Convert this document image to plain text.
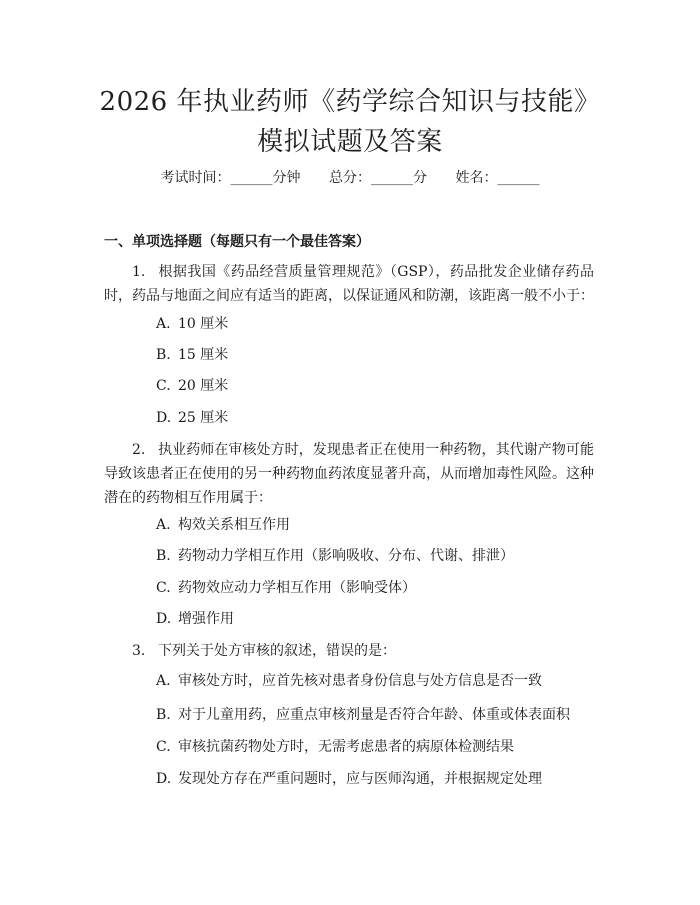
2026 年执业药师《药学综合知识与技能》模拟试题及答案
考试时间：______分钟 总分：______分 姓名：______
一、单项选择题（每题只有一个最佳答案）
1. 根据我国《药品经营质量管理规范》（GSP），药品批发企业储存药品时，药品与地面之间应有适当的距离，以保证通风和防潮，该距离一般不小于：
A. 10 厘米
B. 15 厘米
C. 20 厘米
D. 25 厘米
2. 执业药师在审核处方时，发现患者正在使用一种药物，其代谢产物可能导致该患者正在使用的另一种药物血药浓度显著升高，从而增加毒性风险。这种潜在的药物相互作用属于：
A. 构效关系相互作用
B. 药物动力学相互作用（影响吸收、分布、代谢、排泄）
C. 药物效应动力学相互作用（影响受体）
D. 增强作用
3. 下列关于处方审核的叙述，错误的是：
A. 审核处方时，应首先核对患者身份信息与处方信息是否一致
B. 对于儿童用药，应重点审核剂量是否符合年龄、体重或体表面积
C. 审核抗菌药物处方时，无需考虑患者的病原体检测结果
D. 发现处方存在严重问题时，应与医师沟通，并根据规定处理
